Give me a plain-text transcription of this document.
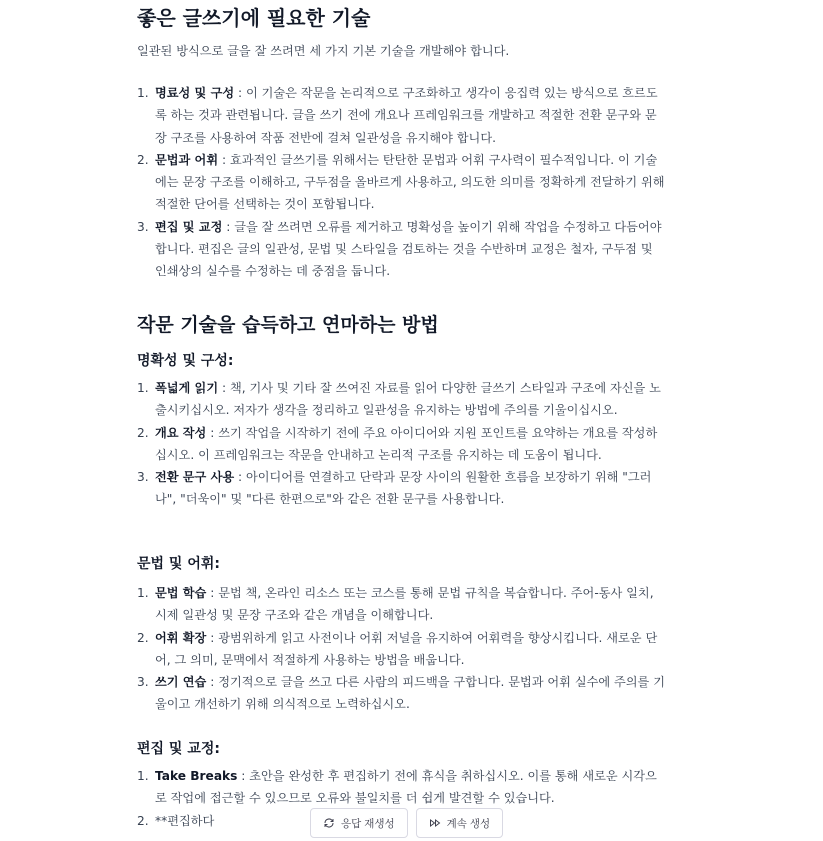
좋은 글쓰기에 필요한 기술

일관된 방식으로 글을 잘 쓰려면 세 가지 기본 기술을 개발해야 합니다.

1. 명료성 및 구성 : 이 기술은 작문을 논리적으로 구조화하고 생각이 응집력 있는 방식으로 흐르도록 하는 것과 관련됩니다. 글을 쓰기 전에 개요나 프레임워크를 개발하고 적절한 전환 문구와 문장 구조를 사용하여 작품 전반에 걸쳐 일관성을 유지해야 합니다.
2. 문법과 어휘 : 효과적인 글쓰기를 위해서는 탄탄한 문법과 어휘 구사력이 필수적입니다. 이 기술에는 문장 구조를 이해하고, 구두점을 올바르게 사용하고, 의도한 의미를 정확하게 전달하기 위해 적절한 단어를 선택하는 것이 포함됩니다.
3. 편집 및 교정 : 글을 잘 쓰려면 오류를 제거하고 명확성을 높이기 위해 작업을 수정하고 다듬어야 합니다. 편집은 글의 일관성, 문법 및 스타일을 검토하는 것을 수반하며 교정은 철자, 구두점 및 인쇄상의 실수를 수정하는 데 중점을 둡니다.
작문 기술을 습득하고 연마하는 방법
명확성 및 구성:
1. 폭넓게 읽기 : 책, 기사 및 기타 잘 쓰여진 자료를 읽어 다양한 글쓰기 스타일과 구조에 자신을 노출시키십시오. 저자가 생각을 정리하고 일관성을 유지하는 방법에 주의를 기울이십시오.
2. 개요 작성 : 쓰기 작업을 시작하기 전에 주요 아이디어와 지원 포인트를 요약하는 개요를 작성하십시오. 이 프레임워크는 작문을 안내하고 논리적 구조를 유지하는 데 도움이 됩니다.
3. 전환 문구 사용 : 아이디어를 연결하고 단락과 문장 사이의 원활한 흐름을 보장하기 위해 "그러나", "더욱이" 및 "다른 한편으로"와 같은 전환 문구를 사용합니다.
문법 및 어휘:
1. 문법 학습 : 문법 책, 온라인 리소스 또는 코스를 통해 문법 규칙을 복습합니다. 주어-동사 일치, 시제 일관성 및 문장 구조와 같은 개념을 이해합니다.
2. 어휘 확장 : 광범위하게 읽고 사전이나 어휘 저널을 유지하여 어휘력을 향상시킵니다. 새로운 단어, 그 의미, 문맥에서 적절하게 사용하는 방법을 배웁니다.
3. 쓰기 연습 : 정기적으로 글을 쓰고 다른 사람의 피드백을 구합니다. 문법과 어휘 실수에 주의를 기울이고 개선하기 위해 의식적으로 노력하십시오.
편집 및 교정:
1. Take Breaks : 초안을 완성한 후 편집하기 전에 휴식을 취하십시오. 이를 통해 새로운 시각으로 작업에 접근할 수 있으므로 오류와 불일치를 더 쉽게 발견할 수 있습니다.
2. **편집하다	응답 재생성	계속 생성
